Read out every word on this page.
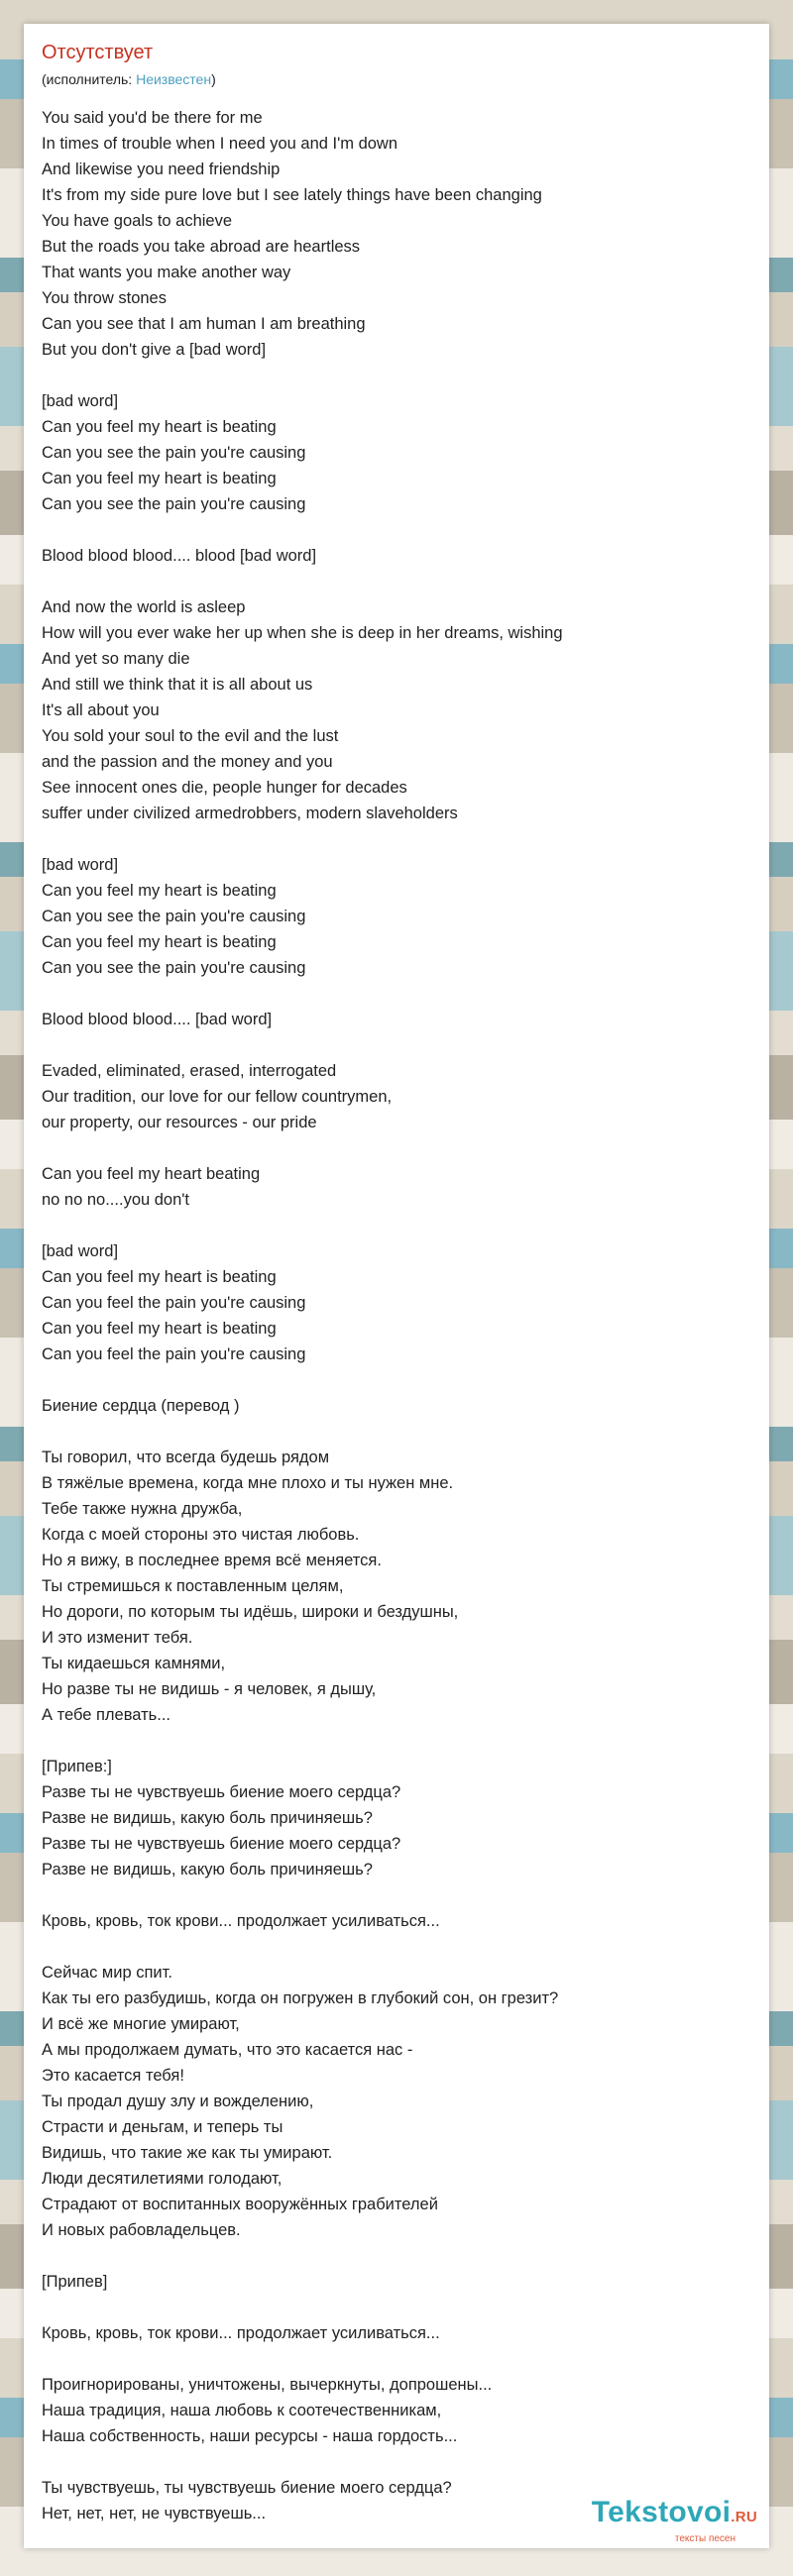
Отсутствует
(исполнитель: Неизвестен)
You said you'd be there for me
In times of trouble when I need you and I'm down
And likewise you need friendship
It's from my side pure love but I see lately things have been changing
You have goals to achieve
But the roads you take abroad are heartless
That wants you make another way
You throw stones
Can you see that I am human I am breathing
But you don't give a [bad word]
[bad word]
Can you feel my heart is beating
Can you see the pain you're causing
Can you feel my heart is beating
Can you see the pain you're causing
Blood blood blood.... blood [bad word]
And now the world is asleep
How will you ever wake her up when she is deep in her dreams, wishing
And yet so many die
And still we think that it is all about us
It's all about you
You sold your soul to the evil and the lust
and the passion and the money and you
See innocent ones die, people hunger for decades
suffer under civilized armedrobbers, modern slaveholders
[bad word]
Can you feel my heart is beating
Can you see the pain you're causing
Can you feel my heart is beating
Can you see the pain you're causing
Blood blood blood.... [bad word]
Evaded, eliminated, erased, interrogated
Our tradition, our love for our fellow countrymen,
our property, our resources - our pride
Can you feel my heart beating
no no no....you don't
[bad word]
Can you feel my heart is beating
Can you feel the pain you're causing
Can you feel my heart is beating
Can you feel the pain you're causing
Биение сердца (перевод )
Ты говорил, что всегда будешь рядом
В тяжёлые времена, когда мне плохо и ты нужен мне.
Тебе также нужна дружба,
Когда с моей стороны это чистая любовь.
Но я вижу, в последнее время всё меняется.
Ты стремишься к поставленным целям,
Но дороги, по которым ты идёшь, широки и бездушны,
И это изменит тебя.
Ты кидаешься камнями,
Но разве ты не видишь - я человек, я дышу,
А тебе плевать...
[Припев:]
Разве ты не чувствуешь биение моего сердца?
Разве не видишь, какую боль причиняешь?
Разве ты не чувствуешь биение моего сердца?
Разве не видишь, какую боль причиняешь?
Кровь, кровь, ток крови... продолжает усиливаться...
Сейчас мир спит.
Как ты его разбудишь, когда он погружен в глубокий сон, он грезит?
И всё же многие умирают,
А мы продолжаем думать, что это касается нас -
Это касается тебя!
Ты продал душу злу и вожделению,
Страсти и деньгам, и теперь ты
Видишь, что такие же как ты умирают.
Люди десятилетиями голодают,
Страдают от воспитанных вооружённых грабителей
И новых рабовладельцев.
[Припев]
Кровь, кровь, ток крови... продолжает усиливаться...
Проигнорированы, уничтожены, вычеркнуты, допрошены...
Наша традиция, наша любовь к соотечественникам,
Наша собственность, наши ресурсы - наша гордость...
Ты чувствуешь, ты чувствуешь биение моего сердца?
Нет, нет, нет, не чувствуешь...	Tekstovoi.RU
тексты песен
